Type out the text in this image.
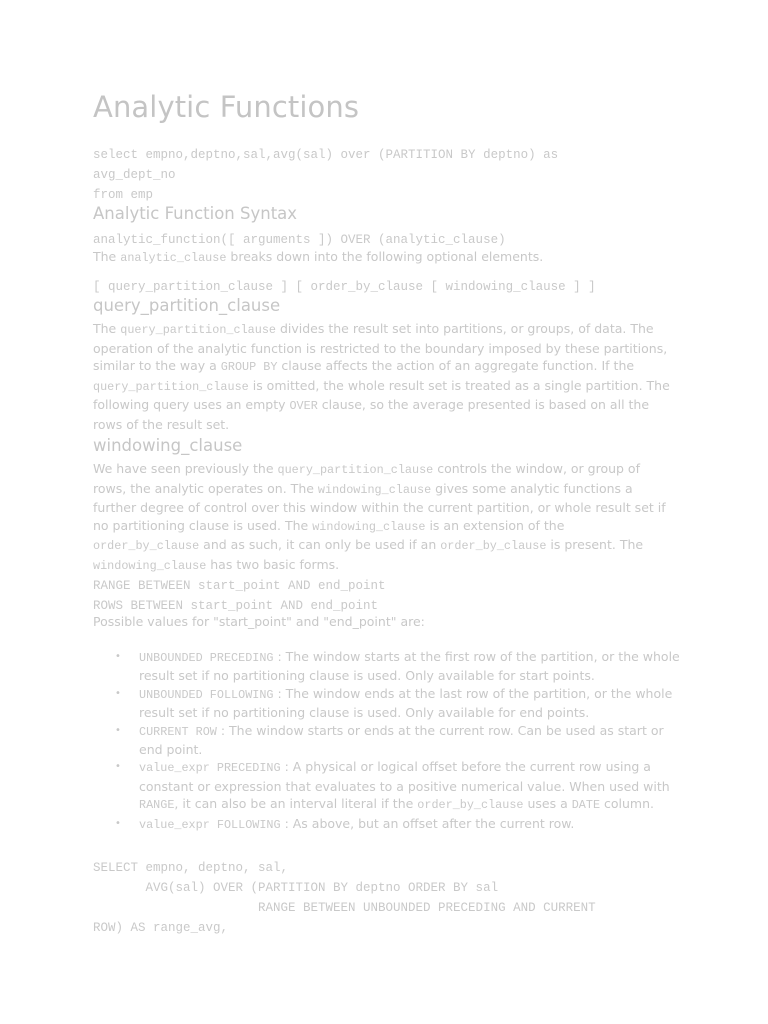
Analytic Functions
select empno,deptno,sal,avg(sal) over (PARTITION BY deptno) as
avg_dept_no
from emp
Analytic Function Syntax
analytic_function([ arguments ]) OVER (analytic_clause)

The analytic_clause breaks down into the following optional elements.

[ query_partition_clause ] [ order_by_clause [ windowing_clause ] ]
query_partition_clause

The query_partition_clause divides the result set into partitions, or groups, of data. The operation of the analytic function is restricted to the boundary imposed by these partitions, similar to the way a GROUP BY clause affects the action of an aggregate function. If the query_partition_clause is omitted, the whole result set is treated as a single partition. The following query uses an empty OVER clause, so the average presented is based on all the rows of the result set.

windowing_clause

We have seen previously the query_partition_clause controls the window, or group of rows, the analytic operates on. The windowing_clause gives some analytic functions a further degree of control over this window within the current partition, or whole result set if no partitioning clause is used. The windowing_clause is an extension of the order_by_clause and as such, it can only be used if an order_by_clause is present. The windowing_clause has two basic forms.

RANGE BETWEEN start_point AND end_point
ROWS BETWEEN start_point AND end_point

Possible values for "start_point" and "end_point" are:

• UNBOUNDED PRECEDING : The window starts at the first row of the partition, or the whole result set if no partitioning clause is used. Only available for start points.
• UNBOUNDED FOLLOWING : The window ends at the last row of the partition, or the whole result set if no partitioning clause is used. Only available for end points.
• CURRENT ROW : The window starts or ends at the current row. Can be used as start or end point.
• value_expr PRECEDING : A physical or logical offset before the current row using a constant or expression that evaluates to a positive numerical value. When used with RANGE, it can also be an interval literal if the order_by_clause uses a DATE column.
• value_expr FOLLOWING : As above, but an offset after the current row.
SELECT empno, deptno, sal,
AVG(sal) OVER (PARTITION BY deptno ORDER BY sal
RANGE BETWEEN UNBOUNDED PRECEDING AND CURRENT
ROW) AS range_avg,
